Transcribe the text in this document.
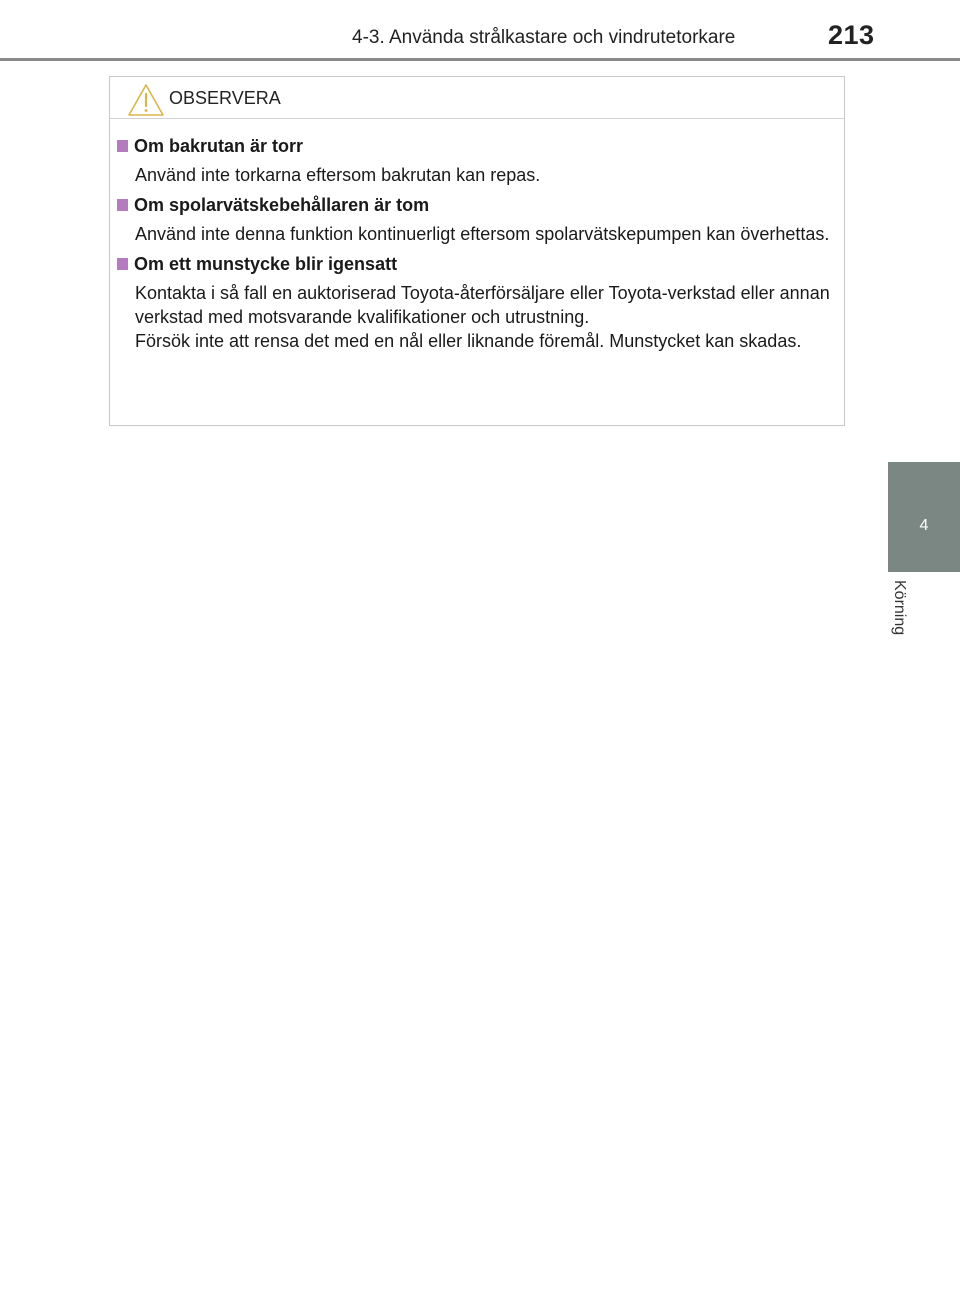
4-3. Använda strålkastare och vindrutetorkare	213
4
Körning
OBSERVERA
Om bakrutan är torr

Använd inte torkarna eftersom bakrutan kan repas.

Om spolarvätskebehållaren är tom

Använd inte denna funktion kontinuerligt eftersom spolarvätskepumpen kan överhettas.

Om ett munstycke blir igensatt

Kontakta i så fall en auktoriserad Toyota-återförsäljare eller Toyota-verkstad eller annan verkstad med motsvarande kvalifikationer och utrustning.

Försök inte att rensa det med en nål eller liknande föremål. Munstycket kan skadas.
